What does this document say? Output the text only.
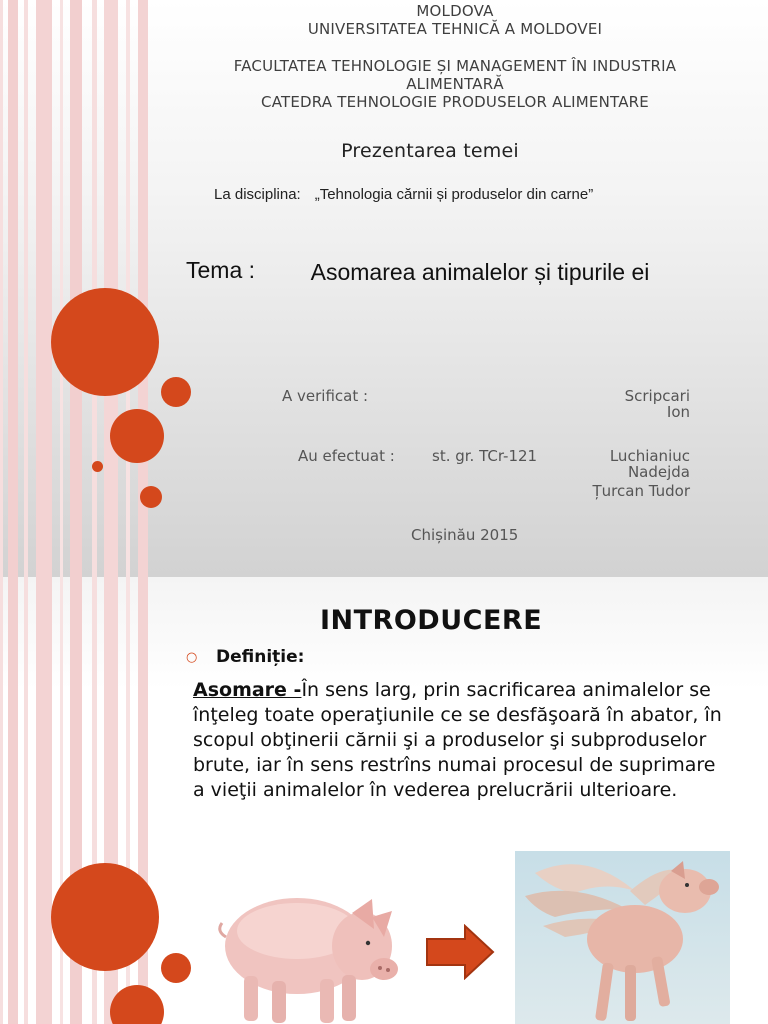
MOLDOVA
UNIVERSITATEA TEHNICĂ A MOLDOVEI
FACULTATEA TEHNOLOGIE ȘI MANAGEMENT ÎN INDUSTRIA
ALIMENTARĂ
CATEDRA TEHNOLOGIE PRODUSELOR ALIMENTARE
Prezentarea temei
La disciplina: „Tehnologia cărnii și produselor din carne”
Tema :	Asomarea animalelor și tipurile ei
A verificat :	Scripcari
Ion
Au efectuat : st. gr. TCr-121	Luchianiuc
Nadejda
Țurcan Tudor
Chișinău 2015
INTRODUCERE
○ Definiție:
Asomare -În sens larg, prin sacrificarea animalelor se înţeleg toate operaţiunile ce se desfăşoară în abator, în scopul obţinerii cărnii şi a produselor şi subproduselor brute, iar în sens restrîns numai procesul de suprimare a vieţii animalelor în vederea prelucrării ulterioare.
